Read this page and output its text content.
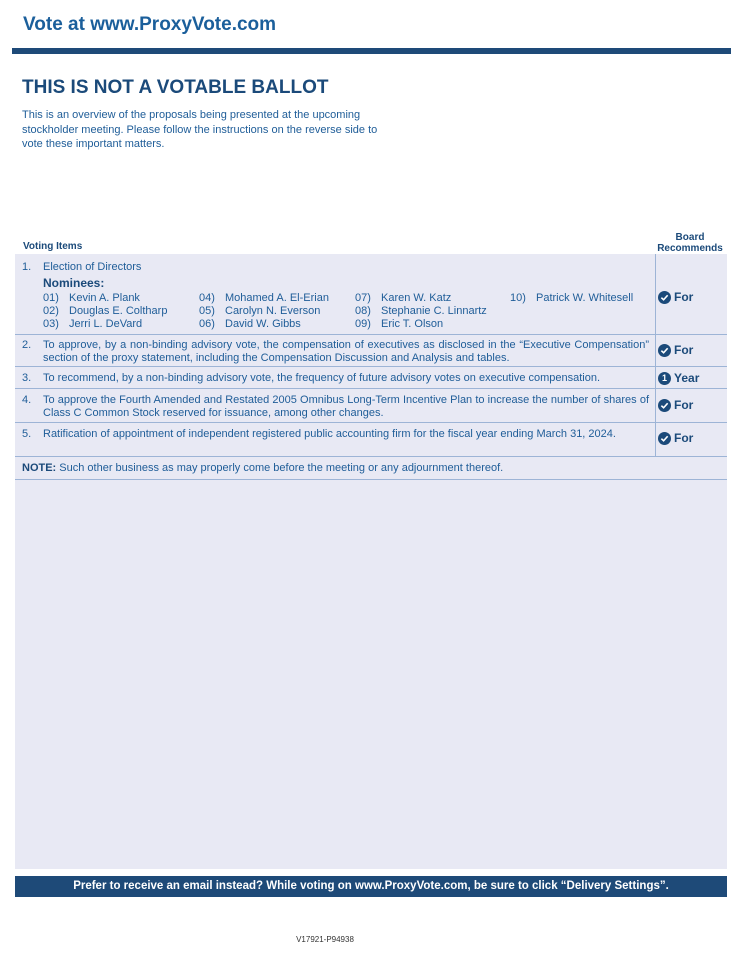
Vote at www.ProxyVote.com
THIS IS NOT A VOTABLE BALLOT
This is an overview of the proposals being presented at the upcoming stockholder meeting. Please follow the instructions on the reverse side to vote these important matters.
Voting Items
Board
Recommends
1. Election of Directors
Nominees:
01) Kevin A. Plank
02) Douglas E. Coltharp
03) Jerri L. DeVard
04) Mohamed A. El-Erian
05) Carolyn N. Everson
06) David W. Gibbs
07) Karen W. Katz
08) Stephanie C. Linnartz
09) Eric T. Olson
10) Patrick W. Whitesell
2. To approve, by a non-binding advisory vote, the compensation of executives as disclosed in the “Executive Compensation” section of the proxy statement, including the Compensation Discussion and Analysis and tables.
3. To recommend, by a non-binding advisory vote, the frequency of future advisory votes on executive compensation.
4. To approve the Fourth Amended and Restated 2005 Omnibus Long-Term Incentive Plan to increase the number of shares of Class C Common Stock reserved for issuance, among other changes.
5. Ratification of appointment of independent registered public accounting firm for the fiscal year ending March 31, 2024.
For
For
1 Year
For
For
NOTE: Such other business as may properly come before the meeting or any adjournment thereof.
Prefer to receive an email instead? While voting on www.ProxyVote.com, be sure to click “Delivery Settings”.
V17921-P94938
